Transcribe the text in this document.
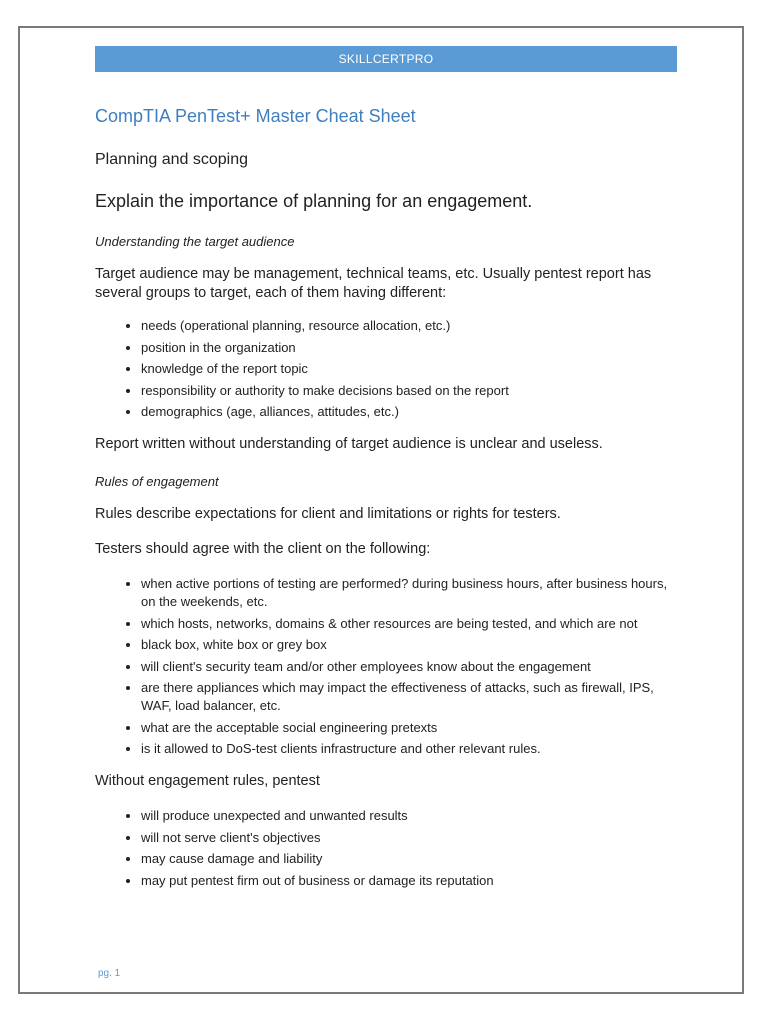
SKILLCERTPRO
CompTIA PenTest+ Master Cheat Sheet
Planning and scoping
Explain the importance of planning for an engagement.
Understanding the target audience

Target audience may be management, technical teams, etc. Usually pentest report has several groups to target, each of them having different:

• needs (operational planning, resource allocation, etc.)
• position in the organization
• knowledge of the report topic
• responsibility or authority to make decisions based on the report
• demographics (age, alliances, attitudes, etc.)

Report written without understanding of target audience is unclear and useless.

Rules of engagement

Rules describe expectations for client and limitations or rights for testers.

Testers should agree with the client on the following:

• when active portions of testing are performed? during business hours, after business hours, on the weekends, etc.
• which hosts, networks, domains & other resources are being tested, and which are not
• black box, white box or grey box
• will client's security team and/or other employees know about the engagement
• are there appliances which may impact the effectiveness of attacks, such as firewall, IPS, WAF, load balancer, etc.
• what are the acceptable social engineering pretexts
• is it allowed to DoS-test clients infrastructure and other relevant rules.

Without engagement rules, pentest

• will produce unexpected and unwanted results
• will not serve client's objectives
• may cause damage and liability
• may put pentest firm out of business or damage its reputation
pg. 1
